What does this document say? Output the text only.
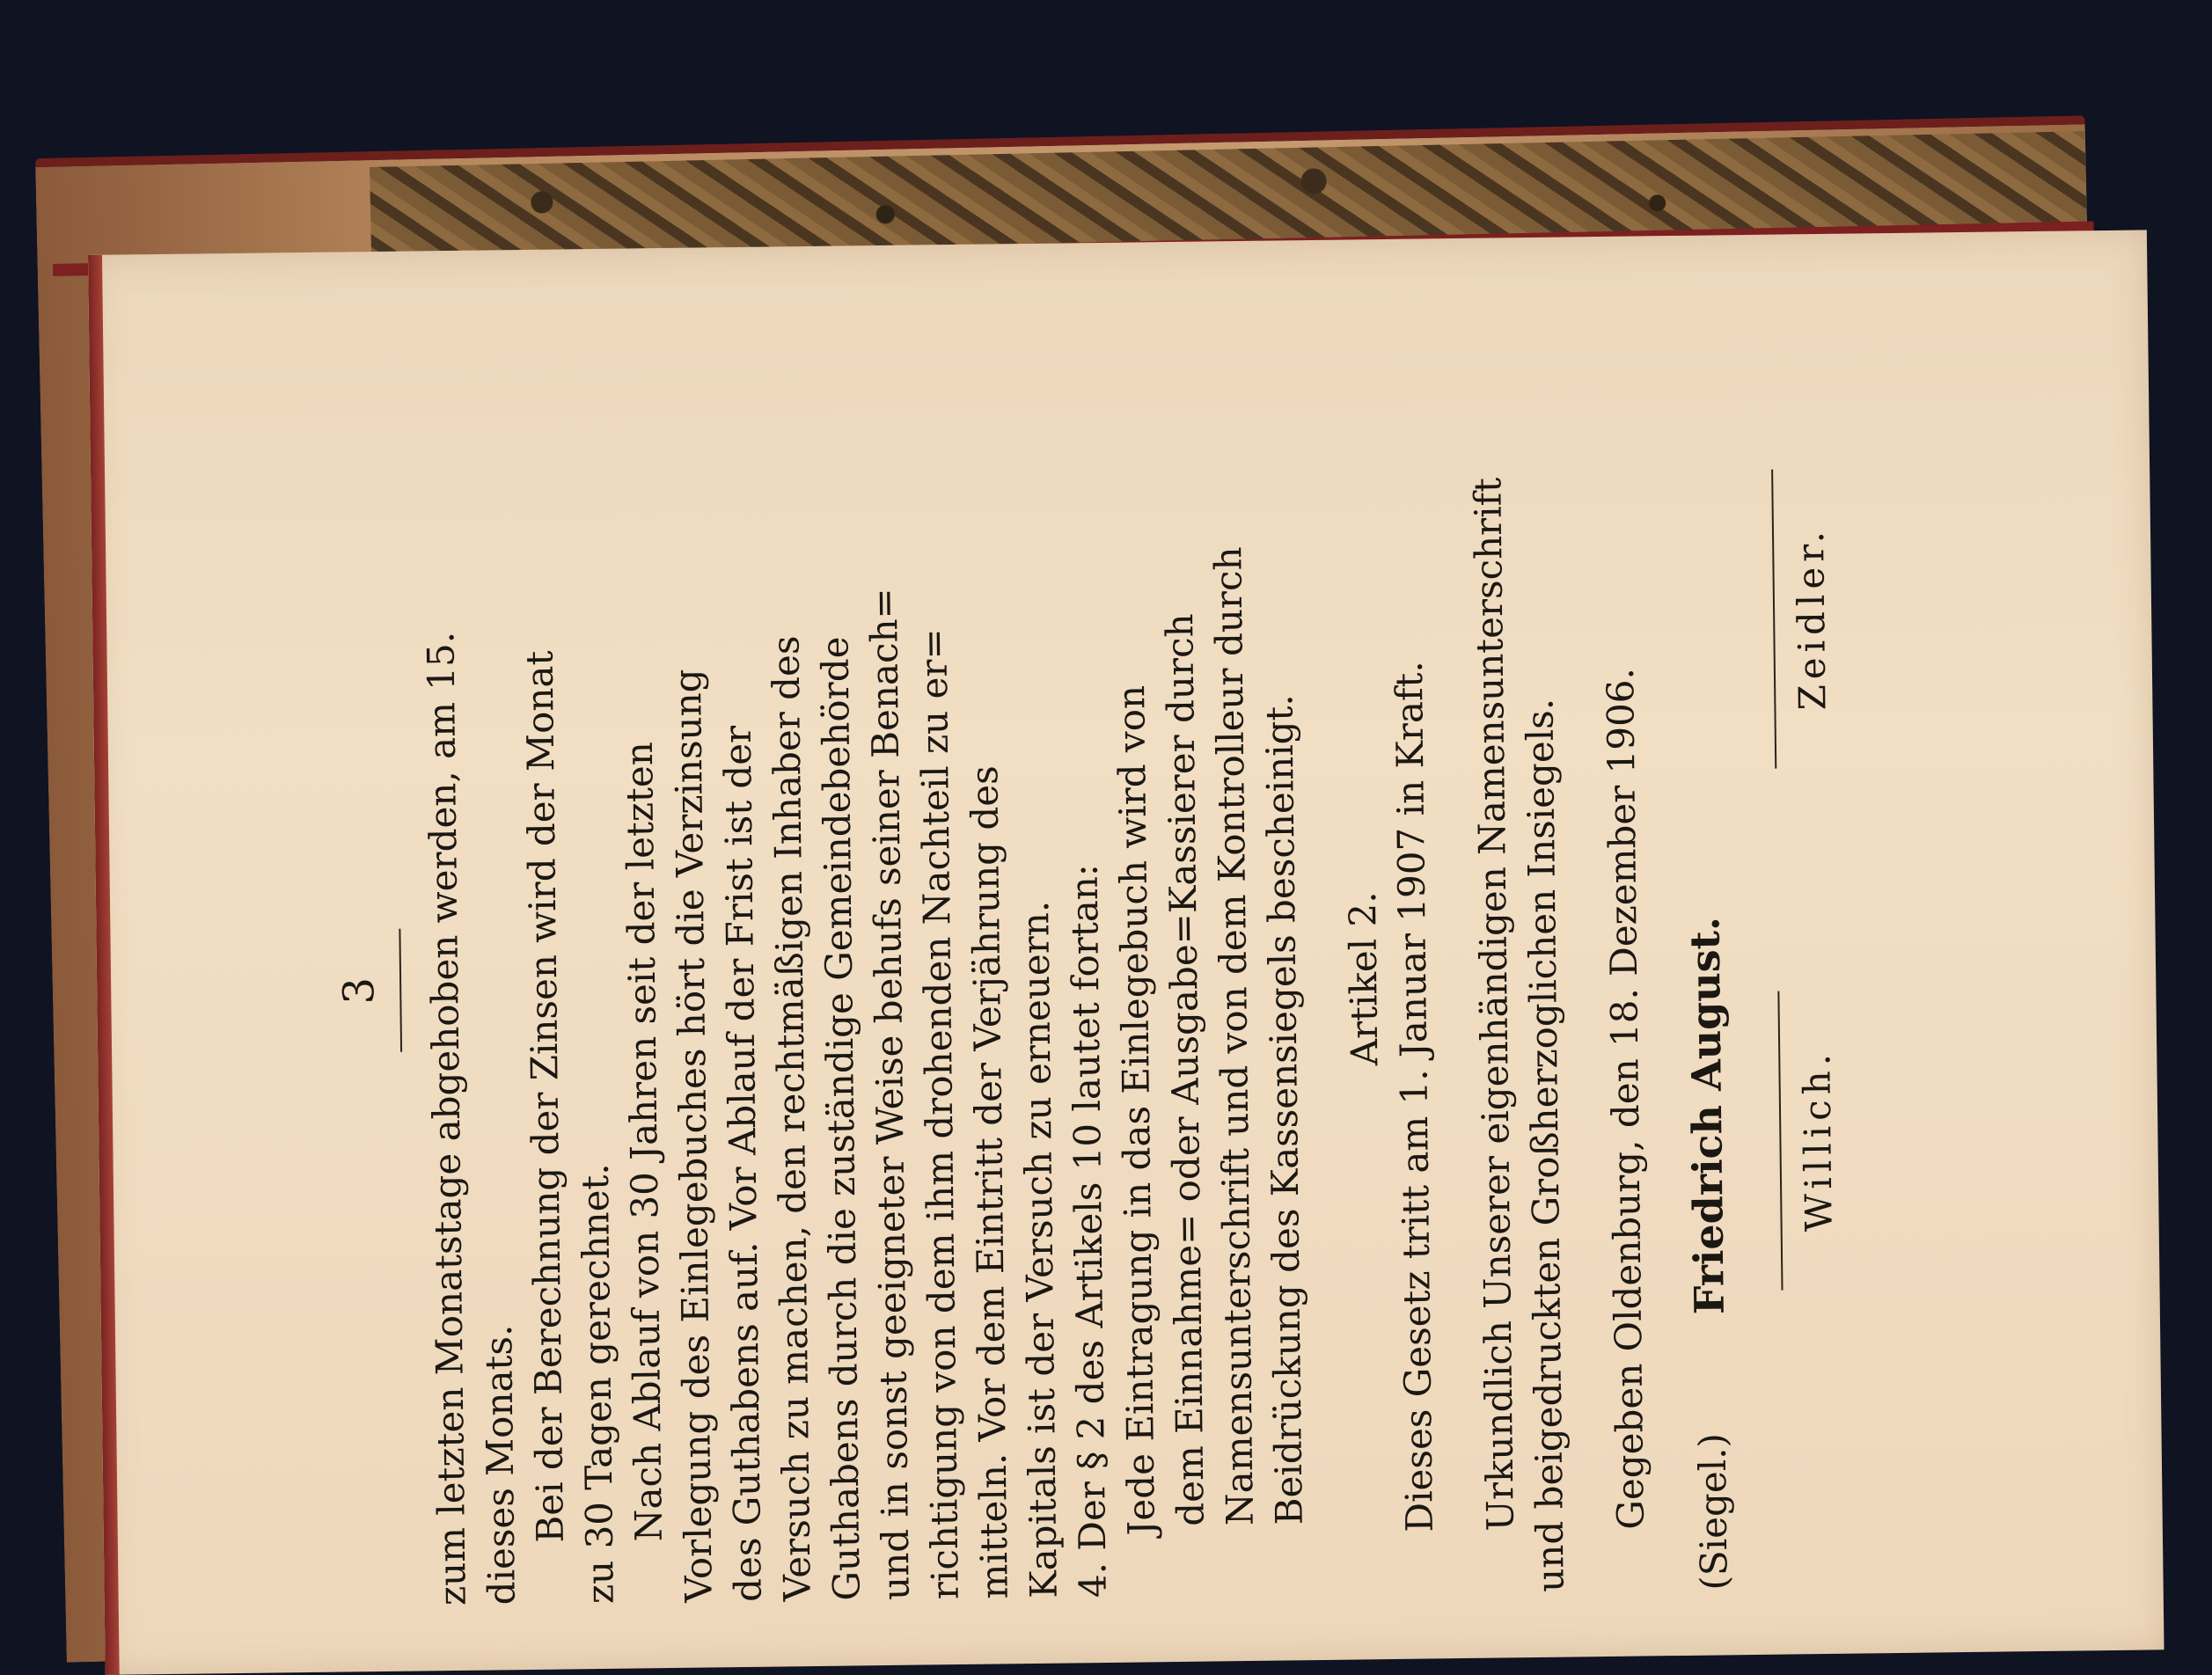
3 zum letzten Monatstage abgehoben werden, am 15. dieses Monats.
Bei der Berechnung der Zinsen wird der Monat zu 30 Tagen gerechnet.
Nach Ablauf von 30 Jahren seit der letzten
Vorlegung des Einlegebuches hört die Verzinsung
des Guthabens auf. Vor Ablauf der Frist ist der
Versuch zu machen, den rechtmäßigen Inhaber des
Guthabens durch die zuständige Gemeindebehörde
und in sonst geeigneter Weise behufs seiner Benach=
richtigung von dem ihm drohenden Nachteil zu er=
mitteln. Vor dem Eintritt der Verjährung des
Kapitals ist der Versuch zu erneuern.
4. Der § 2 des Artikels 10 lautet fortan:
Jede Eintragung in das Einlegebuch wird von
dem Einnahme= oder Ausgabe=Kassierer durch
Namensunterschrift und von dem Kontrolleur durch
Beidrückung des Kassensiegels bescheinigt. Artikel 2. Dieses Gesetz tritt am 1. Januar 1907 in Kraft. Urkundlich Unserer eigenhändigen Namensunterschrift
und beigedruckten Großherzoglichen Insiegels. Gegeben Oldenburg, den 18. Dezember 1906.	(Siegel.) Friedrich August.	Willich.
Zeidler.
